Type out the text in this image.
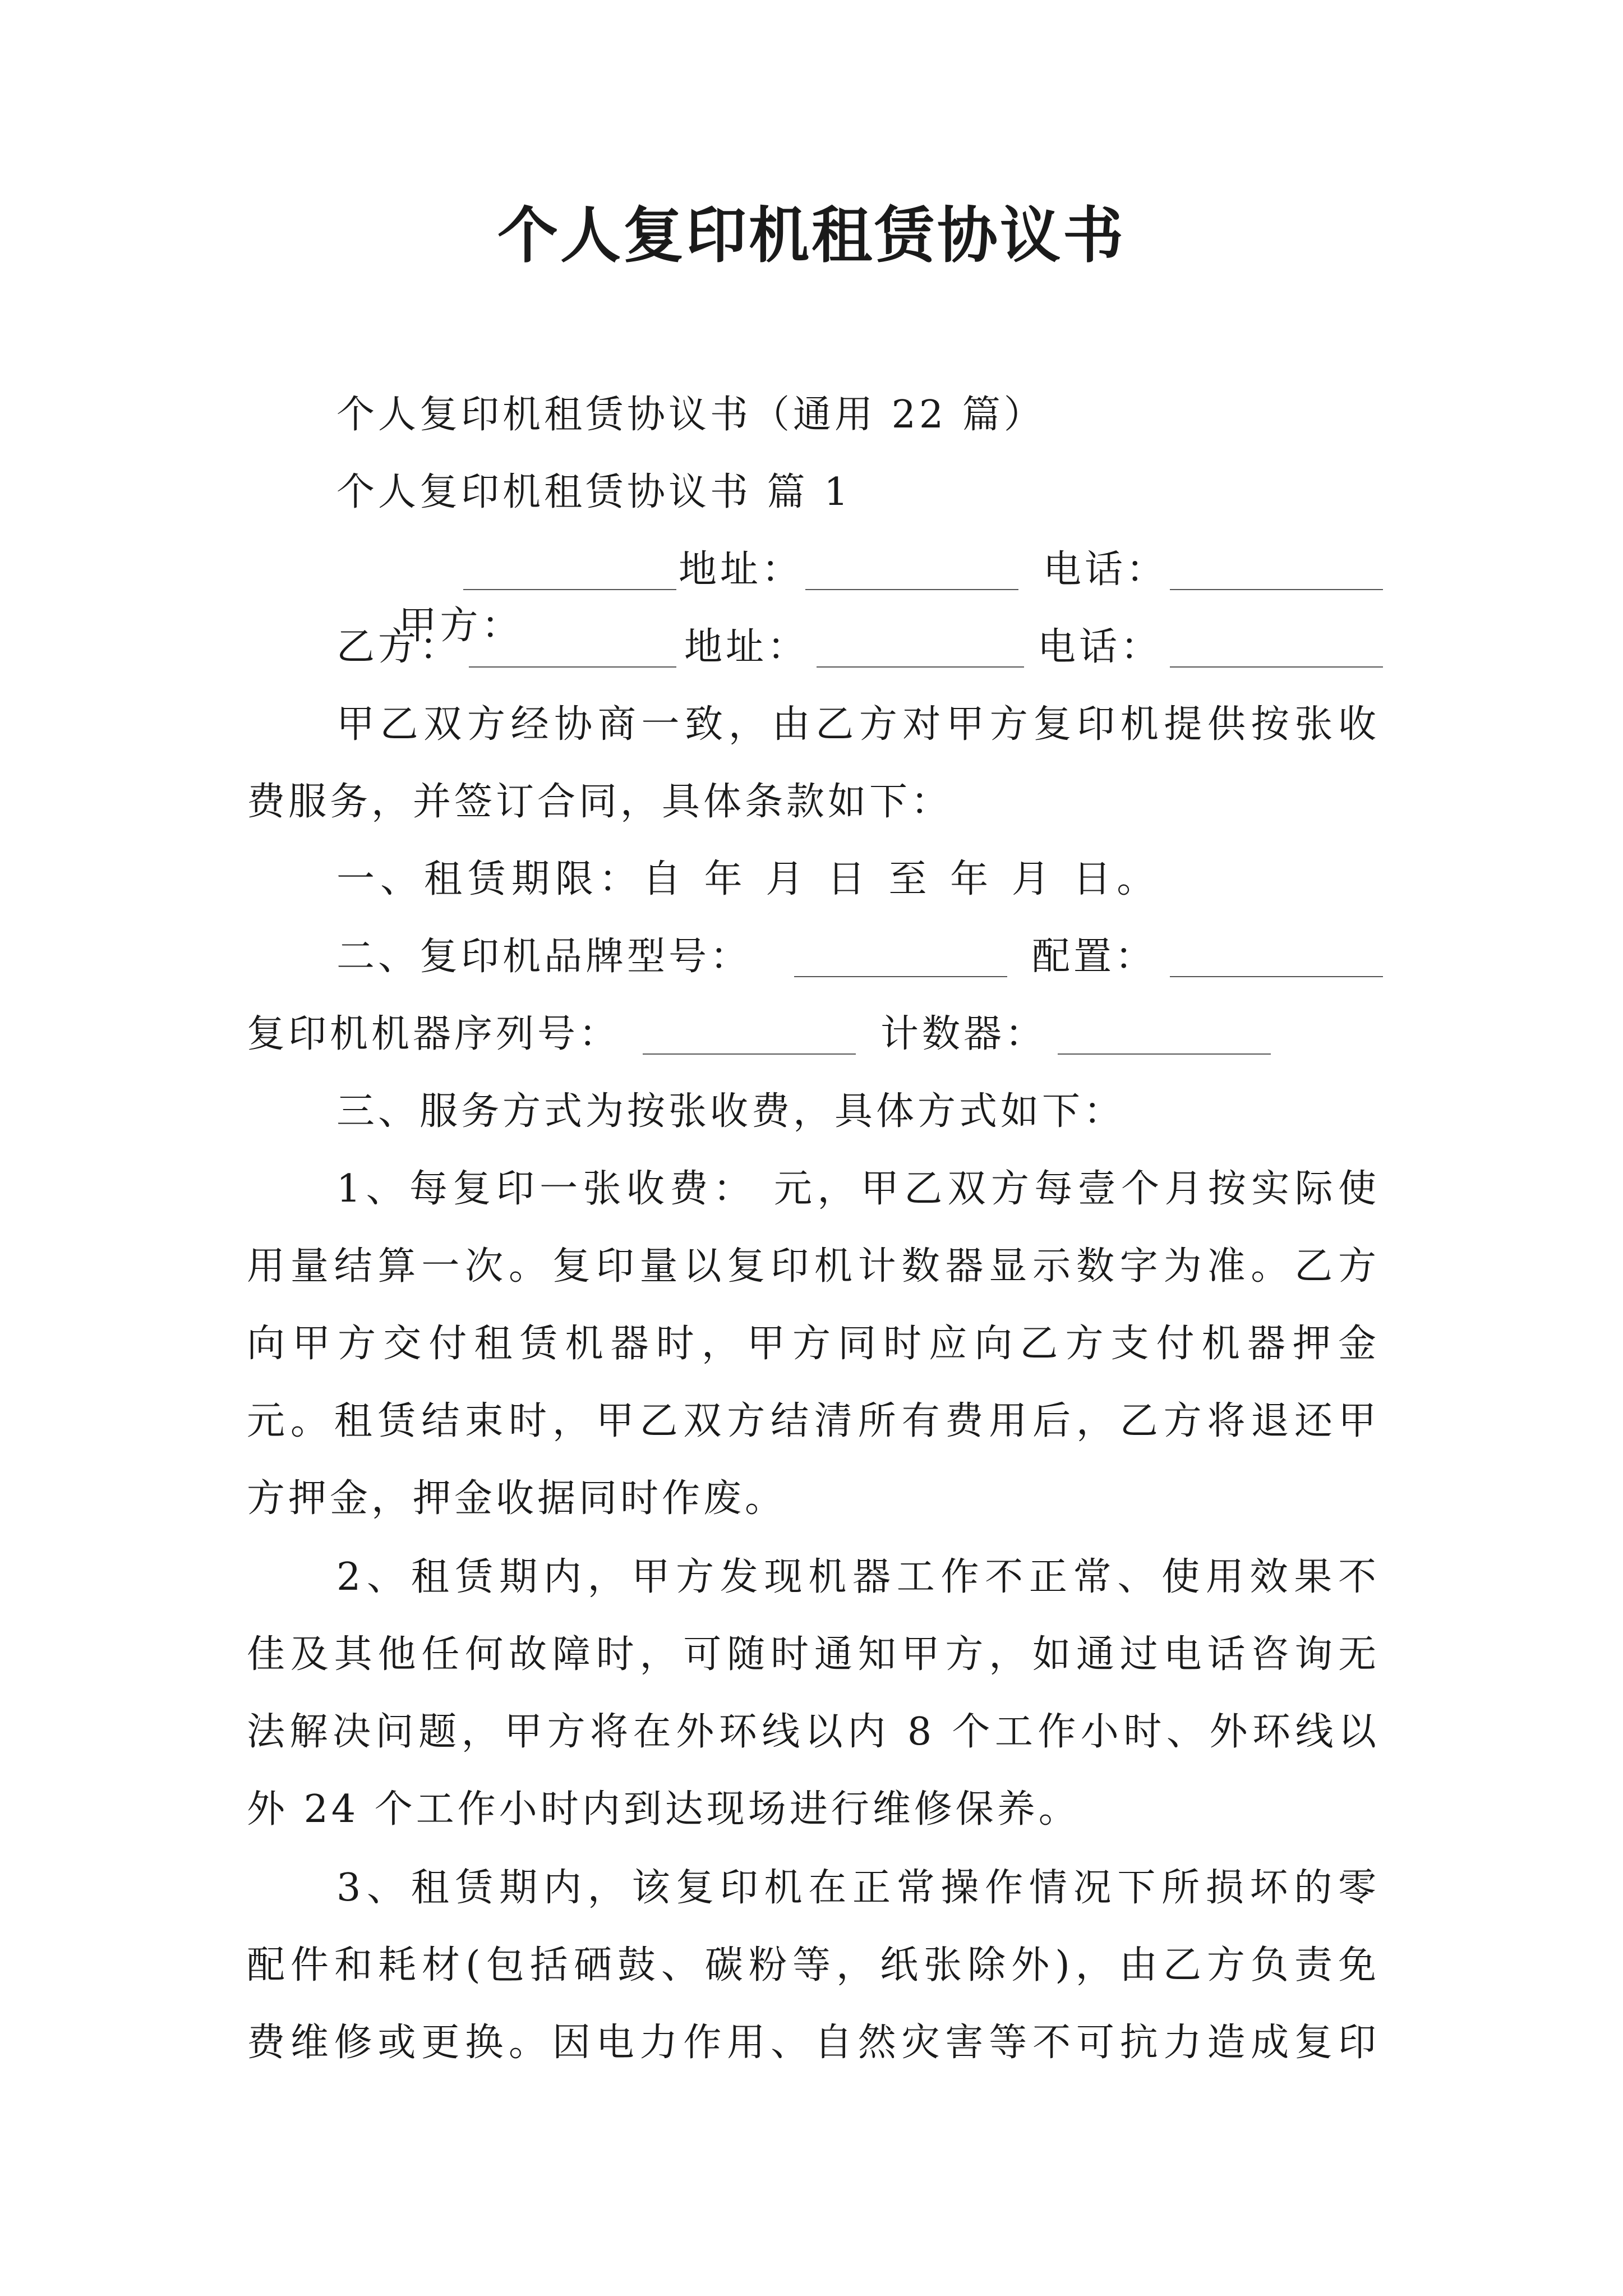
个人复印机租赁协议书
个人复印机租赁协议书（通用 22 篇）
个人复印机租赁协议书 篇 1

甲方：

地址：	电话：
乙方：	地址：	电话：
甲乙双方经协商一致，由乙方对甲方复印机提供按张收
费服务，并签订合同，具体条款如下：
一、租赁期限：自 年 月 日 至 年 月 日。
二、复印机品牌型号：	配置：
复印机机器序列号：	计数器：
三、服务方式为按张收费，具体方式如下：
1、每复印一张收费： 元，甲乙双方每壹个月按实际使
用量结算一次。复印量以复印机计数器显示数字为准。乙方
向甲方交付租赁机器时，甲方同时应向乙方支付机器押金
元。租赁结束时，甲乙双方结清所有费用后，乙方将退还甲
方押金，押金收据同时作废。
2、租赁期内，甲方发现机器工作不正常、使用效果不
佳及其他任何故障时，可随时通知甲方，如通过电话咨询无
法解决问题，甲方将在外环线以内 8 个工作小时、外环线以
外 24 个工作小时内到达现场进行维修保养。
3、租赁期内，该复印机在正常操作情况下所损坏的零
配件和耗材(包括硒鼓、碳粉等，纸张除外)，由乙方负责免
费维修或更换。因电力作用、自然灾害等不可抗力造成复印
